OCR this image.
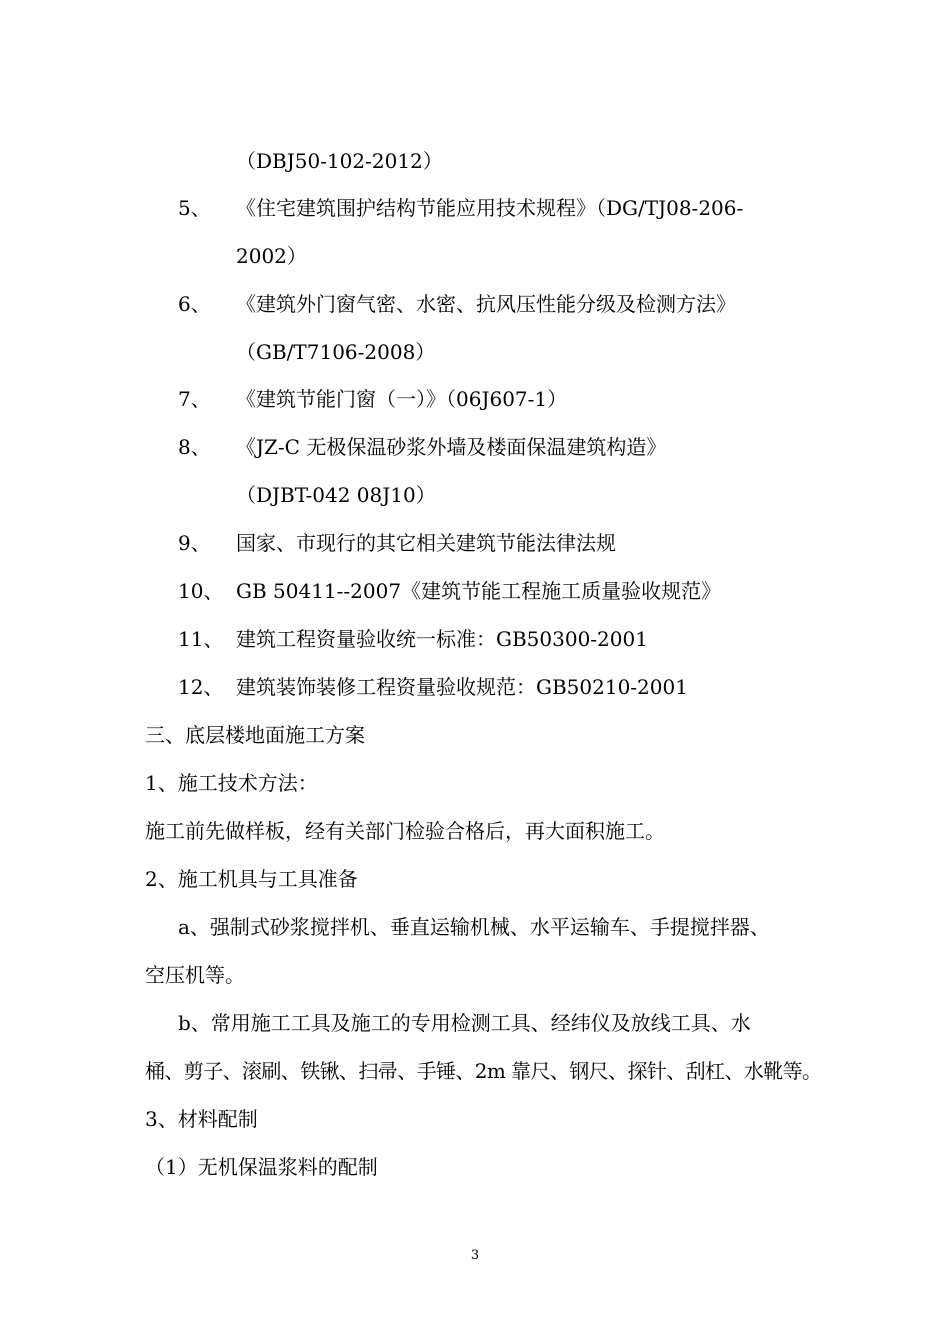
（DBJ50-102-2012）
5、 《住宅建筑围护结构节能应用技术规程》（DG/TJ08-206-
2002）
6、 《建筑外门窗气密、水密、抗风压性能分级及检测方法》
（GB/T7106-2008）
7、 《建筑节能门窗（一）》（06J607-1）
8、 《JZ-C 无极保温砂浆外墙及楼面保温建筑构造》
（DJBT-042 08J10）
9、 国家、市现行的其它相关建筑节能法律法规
10、 GB 50411--2007《建筑节能工程施工质量验收规范》
11、 建筑工程资量验收统一标准：GB50300-2001
12、 建筑装饰装修工程资量验收规范：GB50210-2001
三、底层楼地面施工方案
1、施工技术方法：
施工前先做样板，经有关部门检验合格后，再大面积施工。
2、施工机具与工具准备
a、强制式砂浆搅拌机、垂直运输机械、水平运输车、手提搅拌器、
空压机等。
b、常用施工工具及施工的专用检测工具、经纬仪及放线工具、水
桶、剪子、滚刷、铁锹、扫帚、手锤、2m 靠尺、钢尺、探针、刮杠、水靴等。
3、材料配制
（1）无机保温浆料的配制
3
